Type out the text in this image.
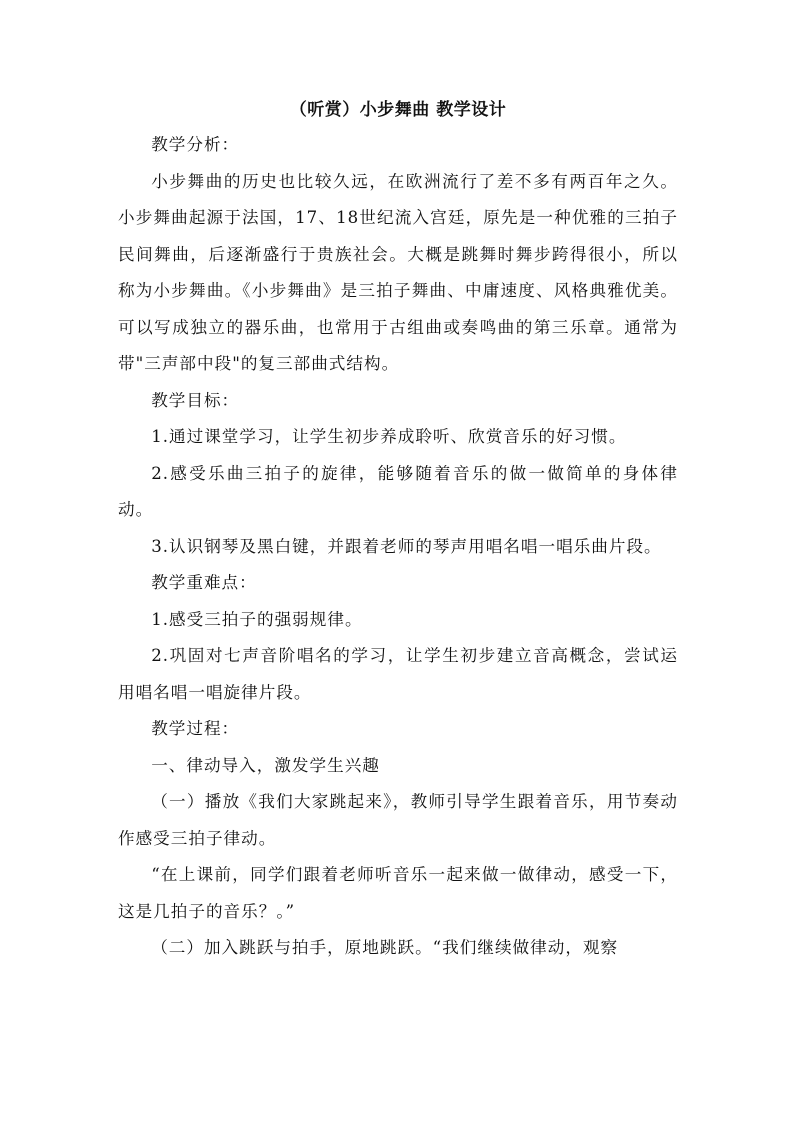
（听赏）小步舞曲 教学设计

教学分析：

小步舞曲的历史也比较久远，在欧洲流行了差不多有两百年之久。小步舞曲起源于法国，17、18世纪流入宫廷，原先是一种优雅的三拍子民间舞曲，后逐渐盛行于贵族社会。大概是跳舞时舞步跨得很小，所以称为小步舞曲。《小步舞曲》是三拍子舞曲、中庸速度、风格典雅优美。可以写成独立的器乐曲，也常用于古组曲或奏鸣曲的第三乐章。通常为带"三声部中段"的复三部曲式结构。

教学目标：

1.通过课堂学习，让学生初步养成聆听、欣赏音乐的好习惯。

2.感受乐曲三拍子的旋律，能够随着音乐的做一做简单的身体律动。

3.认识钢琴及黑白键，并跟着老师的琴声用唱名唱一唱乐曲片段。

教学重难点：

1.感受三拍子的强弱规律。

2.巩固对七声音阶唱名的学习，让学生初步建立音高概念，尝试运用唱名唱一唱旋律片段。

教学过程：

一、律动导入，激发学生兴趣

（一）播放《我们大家跳起来》，教师引导学生跟着音乐，用节奏动作感受三拍子律动。

“在上课前，同学们跟着老师听音乐一起来做一做律动，感受一下，这是几拍子的音乐？。”

（二）加入跳跃与拍手，原地跳跃。“我们继续做律动，观察
